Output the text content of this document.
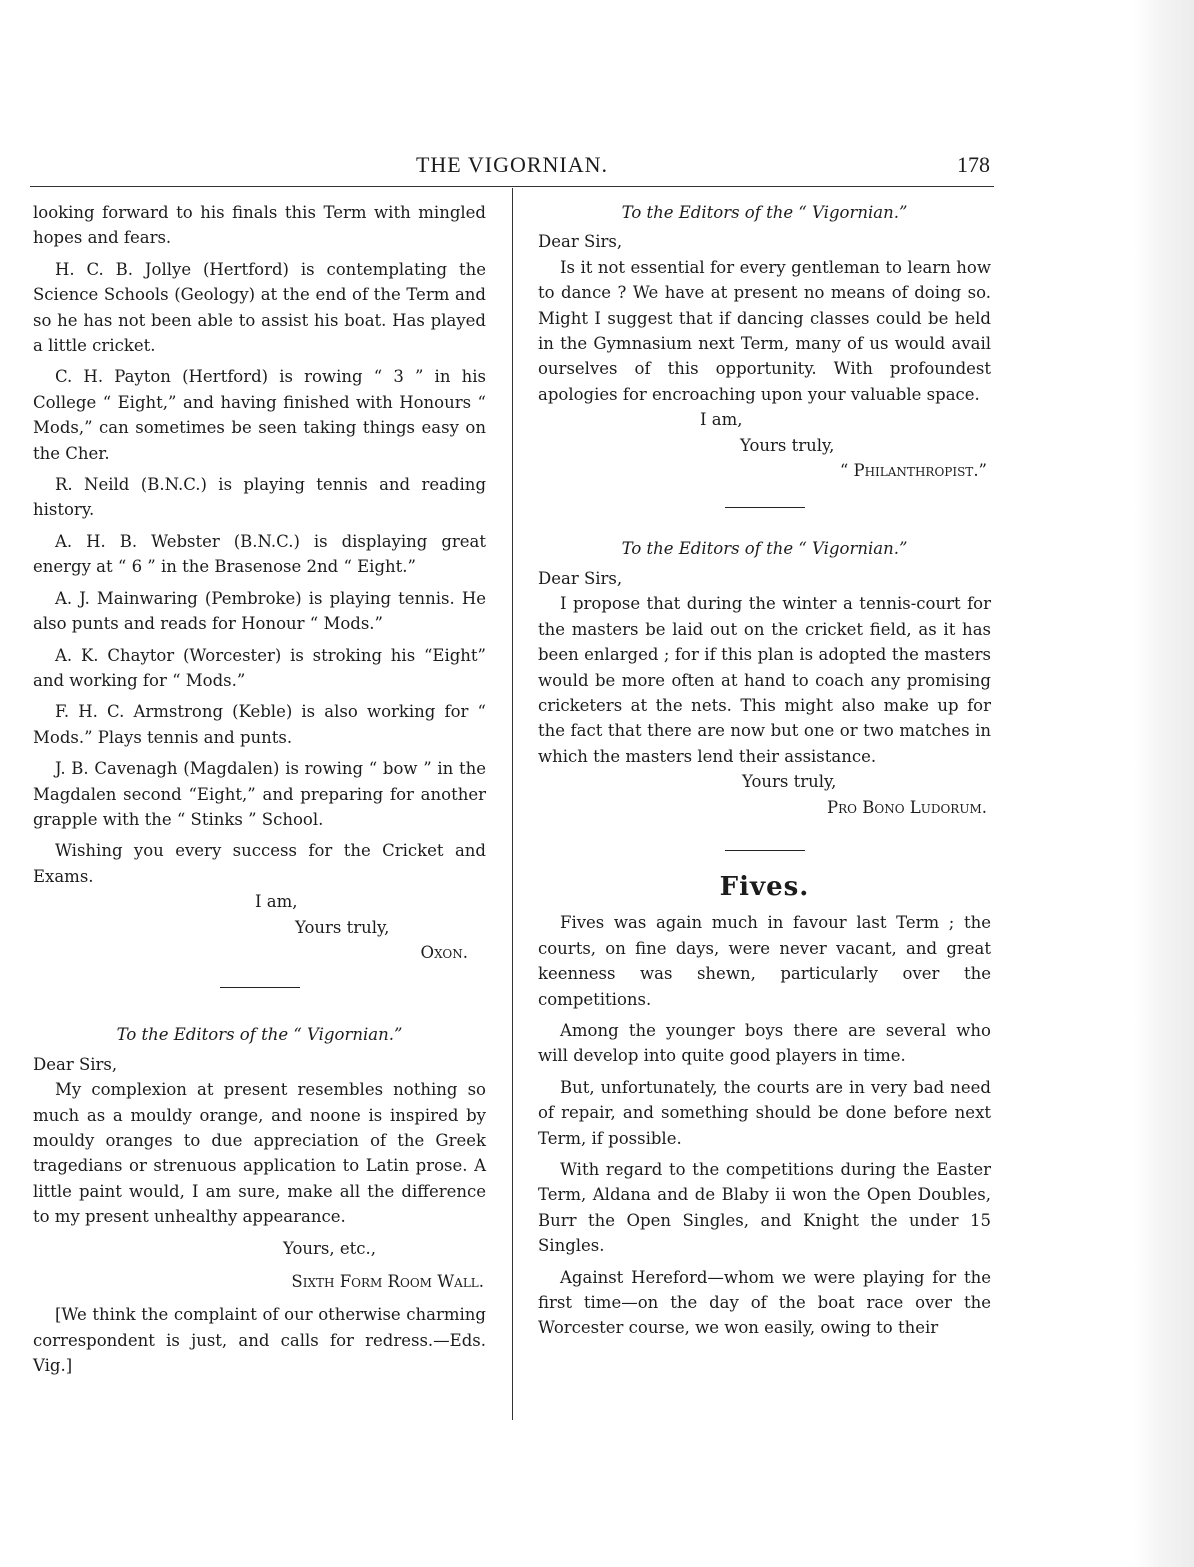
THE VIGORNIAN.	178

looking forward to his finals this Term with mingled hopes and fears.

H. C. B. Jollye (Hertford) is contemplating the Science Schools (Geology) at the end of the Term and so he has not been able to assist his boat. Has played a little cricket.

C. H. Payton (Hertford) is rowing “ 3 ” in his College “ Eight,” and having finished with Honours “ Mods,” can sometimes be seen taking things easy on the Cher.

R. Neild (B.N.C.) is playing tennis and reading history.

A. H. B. Webster (B.N.C.) is displaying great energy at “ 6 ” in the Brasenose 2nd “ Eight.”

A. J. Mainwaring (Pembroke) is playing tennis. He also punts and reads for Honour “ Mods.”

A. K. Chaytor (Worcester) is stroking his “Eight” and working for “ Mods.”

F. H. C. Armstrong (Keble) is also working for “ Mods.” Plays tennis and punts.

J. B. Cavenagh (Magdalen) is rowing “ bow ” in the Magdalen second “Eight,” and preparing for another grapple with the “ Stinks ” School.

Wishing you every success for the Cricket and Exams.

I am,
Yours truly,
Oxon.

To the Editors of the “ Vigornian.”

Dear Sirs,

My complexion at present resembles nothing so much as a mouldy orange, and noone is inspired by mouldy oranges to due appreciation of the Greek tragedians or strenuous application to Latin prose. A little paint would, I am sure, make all the difference to my present unhealthy appearance.

Yours, etc.,
Sixth Form Room Wall.

[We think the complaint of our otherwise charming correspondent is just, and calls for redress.—Eds. Vig.]

To the Editors of the “ Vigornian.”

Dear Sirs,

Is it not essential for every gentleman to learn how to dance ? We have at present no means of doing so. Might I suggest that if dancing classes could be held in the Gymnasium next Term, many of us would avail ourselves of this opportunity. With profoundest apologies for encroaching upon your valuable space.

I am,
Yours truly,
“ Philanthropist.”

To the Editors of the “ Vigornian.”

Dear Sirs,

I propose that during the winter a tennis-court for the masters be laid out on the cricket field, as it has been enlarged ; for if this plan is adopted the masters would be more often at hand to coach any promising cricketers at the nets. This might also make up for the fact that there are now but one or two matches in which the masters lend their assistance.

Yours truly,
Pro Bono Ludorum.

Fives.

Fives was again much in favour last Term ; the courts, on fine days, were never vacant, and great keenness was shewn, particularly over the competitions.

Among the younger boys there are several who will develop into quite good players in time.

But, unfortunately, the courts are in very bad need of repair, and something should be done before next Term, if possible.

With regard to the competitions during the Easter Term, Aldana and de Blaby ii won the Open Doubles, Burr the Open Singles, and Knight the under 15 Singles.

Against Hereford—whom we were playing for the first time—on the day of the boat race over the Worcester course, we won easily, owing to their
